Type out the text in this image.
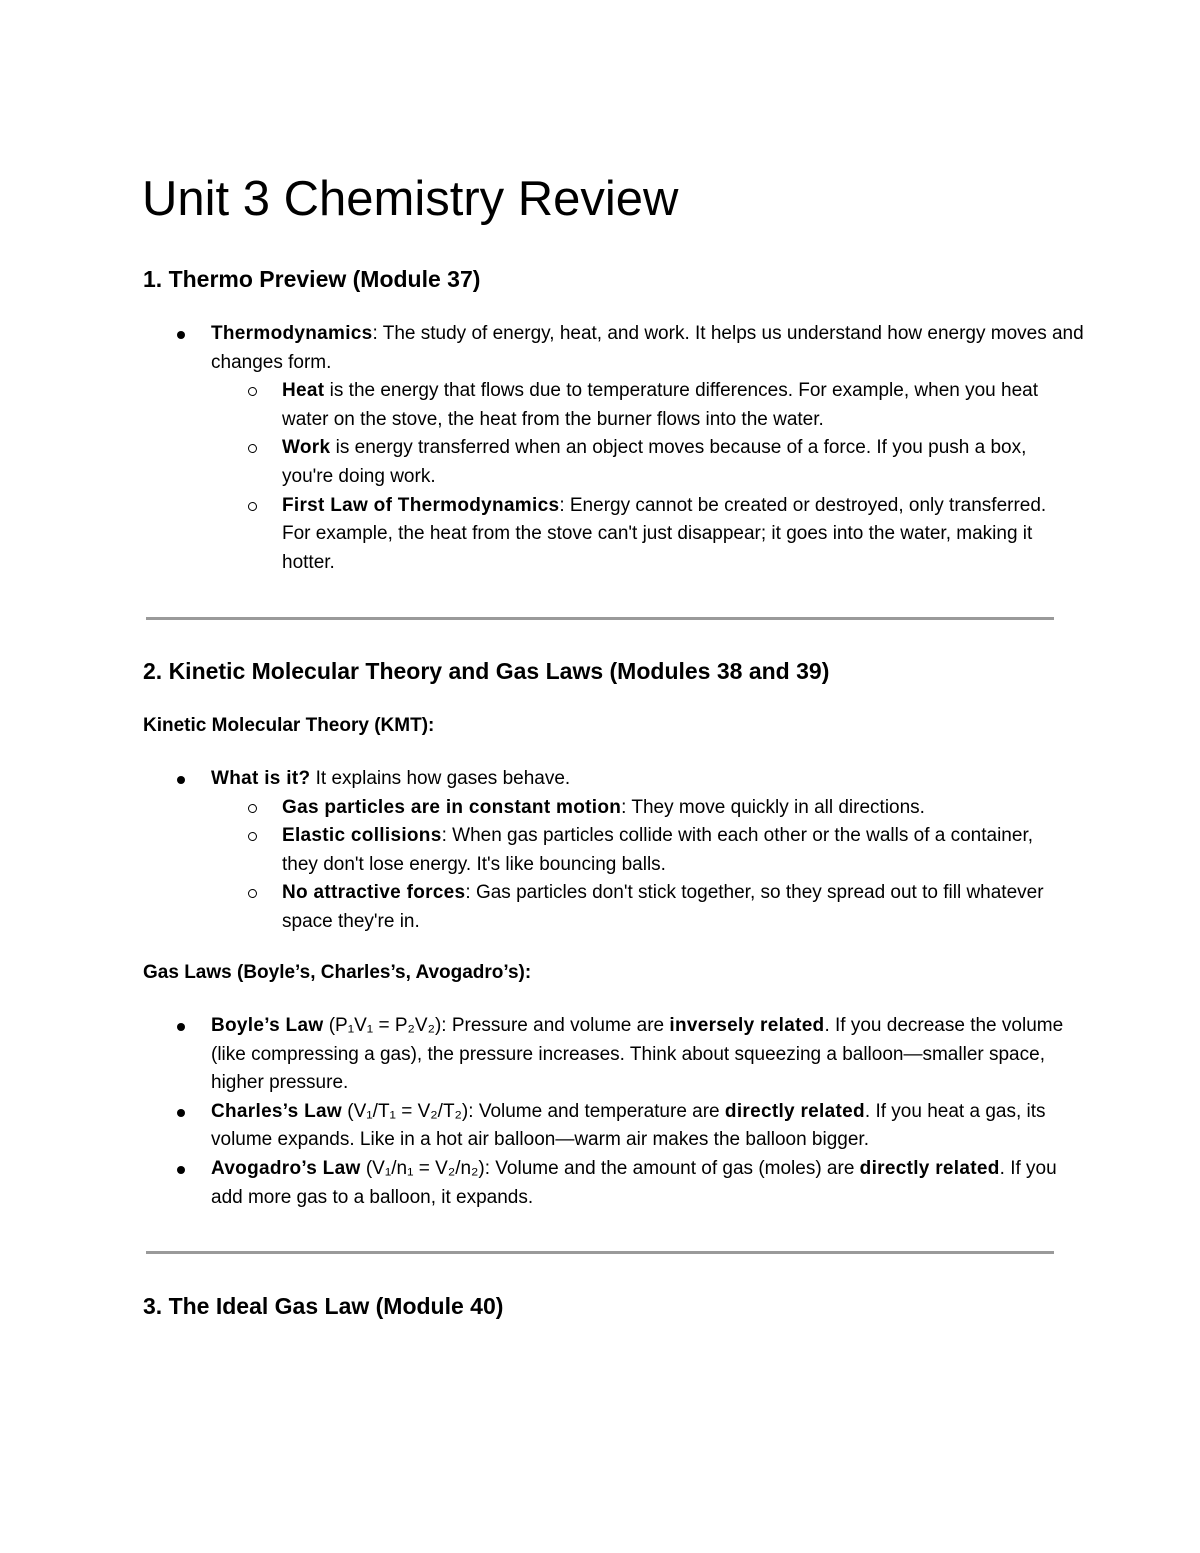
Unit 3 Chemistry Review
1. Thermo Preview (Module 37)
Thermodynamics: The study of energy, heat, and work. It helps us understand how energy moves and changes form.
Heat is the energy that flows due to temperature differences. For example, when you heat water on the stove, the heat from the burner flows into the water.
Work is energy transferred when an object moves because of a force. If you push a box, you're doing work.
First Law of Thermodynamics: Energy cannot be created or destroyed, only transferred. For example, the heat from the stove can't just disappear; it goes into the water, making it hotter.
2. Kinetic Molecular Theory and Gas Laws (Modules 38 and 39)
Kinetic Molecular Theory (KMT):
What is it? It explains how gases behave.
Gas particles are in constant motion: They move quickly in all directions.
Elastic collisions: When gas particles collide with each other or the walls of a container, they don't lose energy. It's like bouncing balls.
No attractive forces: Gas particles don't stick together, so they spread out to fill whatever space they're in.
Gas Laws (Boyle’s, Charles’s, Avogadro’s):
Boyle’s Law (P₁V₁ = P₂V₂): Pressure and volume are inversely related. If you decrease the volume (like compressing a gas), the pressure increases. Think about squeezing a balloon—smaller space, higher pressure.
Charles’s Law (V₁/T₁ = V₂/T₂): Volume and temperature are directly related. If you heat a gas, its volume expands. Like in a hot air balloon—warm air makes the balloon bigger.
Avogadro’s Law (V₁/n₁ = V₂/n₂): Volume and the amount of gas (moles) are directly related. If you add more gas to a balloon, it expands.
3. The Ideal Gas Law (Module 40)
